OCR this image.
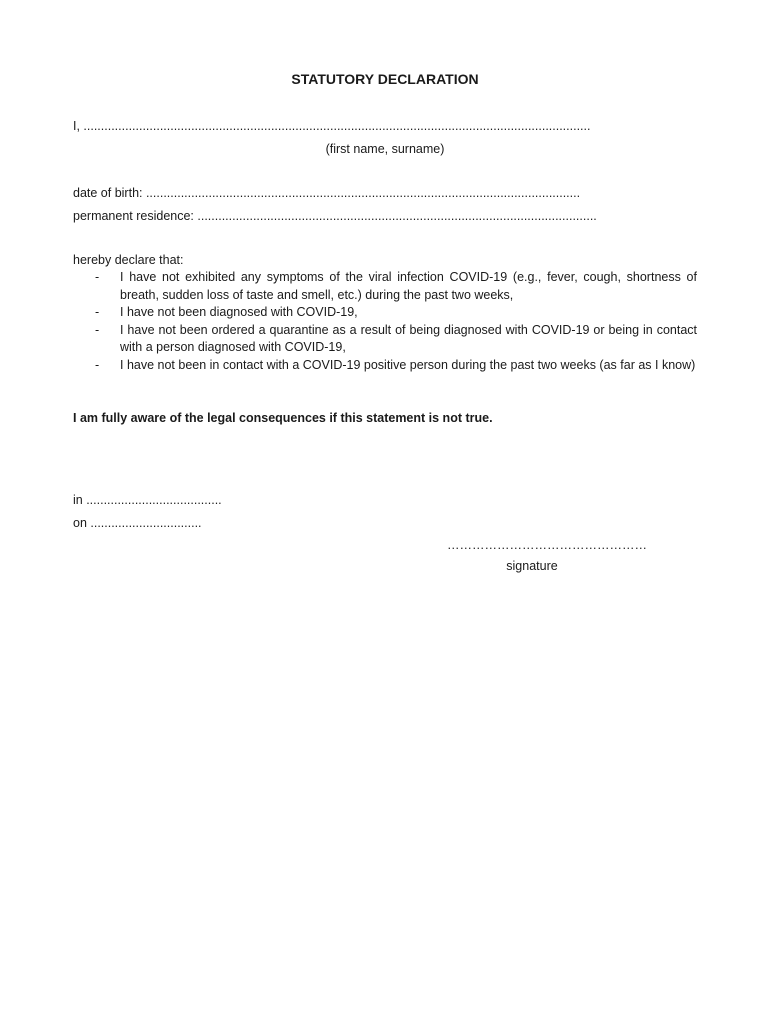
STATUTORY DECLARATION
I, ..................................................................................................................................................
(first name, surname)
date of birth: .............................................................................................................................
permanent residence: ...................................................................................................................
hereby declare that:
- I have not exhibited any symptoms of the viral infection COVID-19 (e.g., fever, cough, shortness of breath, sudden loss of taste and smell, etc.) during the past two weeks,
- I have not been diagnosed with COVID-19,
- I have not been ordered a quarantine as a result of being diagnosed with COVID-19 or being in contact with a person diagnosed with COVID-19,
- I have not been in contact with a COVID-19 positive person during the past two weeks (as far as I know)
I am fully aware of the legal consequences if this statement is not true.
in .......................................
on ................................
…………………………………………
signature
